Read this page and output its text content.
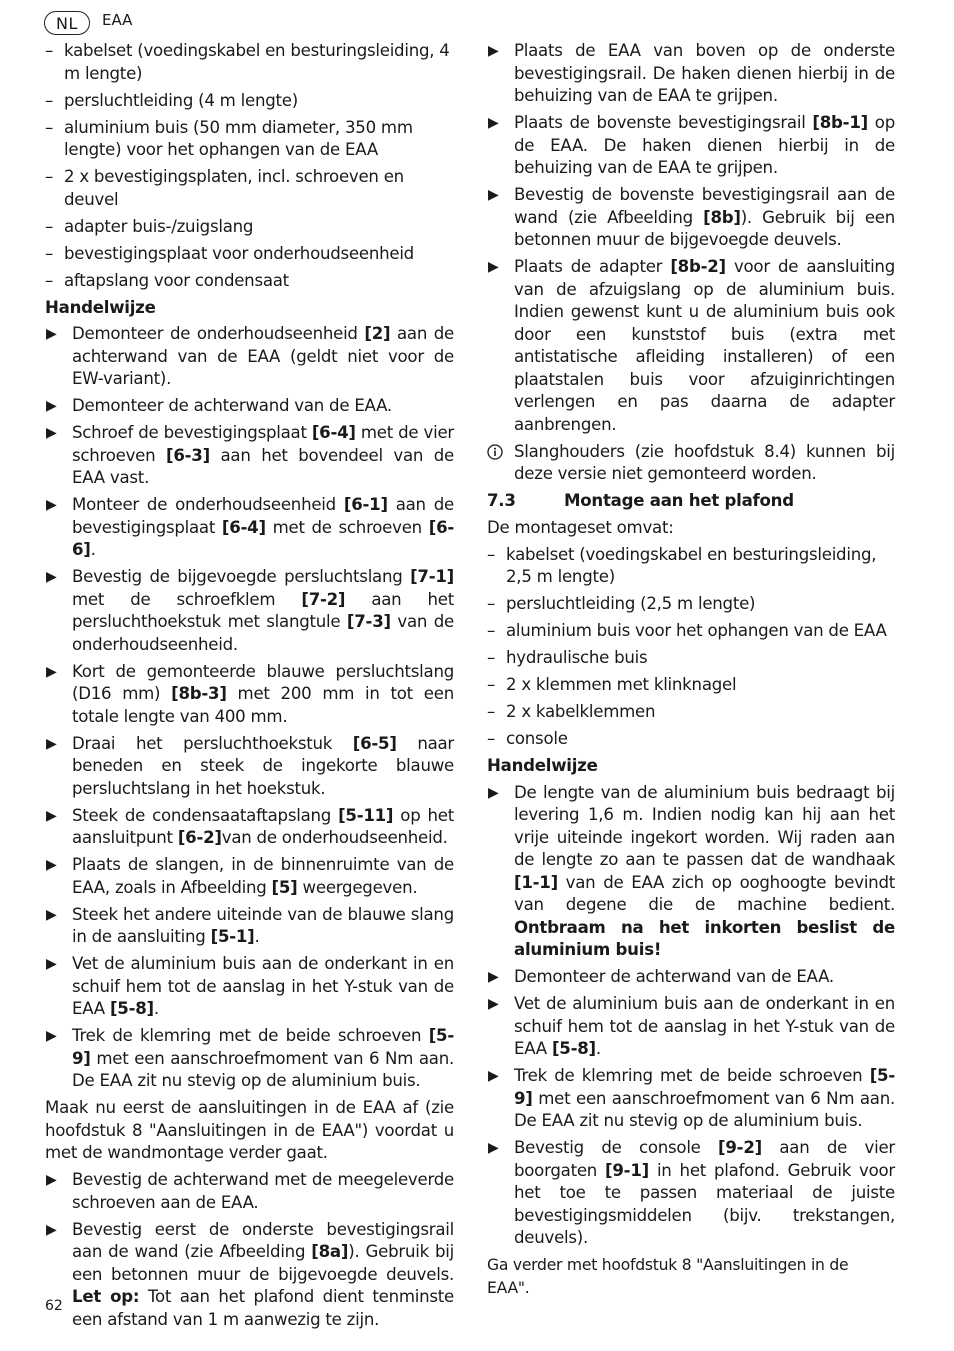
NL	EAA
– kabelset (voedingskabel en besturingsleiding, 4 m lengte)
– persluchtleiding (4 m lengte)
– aluminium buis (50 mm diameter, 350 mm lengte) voor het ophangen van de EAA
– 2 x bevestigingsplaten, incl. schroeven en deuvel
– adapter buis-/zuigslang
– bevestigingsplaat voor onderhoudseenheid
– aftapslang voor condensaat
Handelwijze
▶ Demonteer de onderhoudseenheid [2] aan de achterwand van de EAA (geldt niet voor de EW-variant).
▶ Demonteer de achterwand van de EAA.
▶ Schroef de bevestigingsplaat [6-4] met de vier schroeven [6-3] aan het bovendeel van de EAA vast.
▶ Monteer de onderhoudseenheid [6-1] aan de bevestigingsplaat [6-4] met de schroeven [6-6].
▶ Bevestig de bijgevoegde persluchtslang [7-1] met de schroefklem [7-2] aan het persluchthoekstuk met slangtule [7-3] van de onderhoudseenheid.
▶ Kort de gemonteerde blauwe persluchtslang (D16 mm) [8b-3] met 200 mm in tot een totale lengte van 400 mm.
▶ Draai het persluchthoekstuk [6-5] naar beneden en steek de ingekorte blauwe persluchtslang in het hoekstuk.
▶ Steek de condensaataftapslang [5-11] op het aansluitpunt [6-2]van de onderhoudseenheid.
▶ Plaats de slangen, in de binnenruimte van de EAA, zoals in Afbeelding [5] weergegeven.
▶ Steek het andere uiteinde van de blauwe slang in de aansluiting [5-1].
▶ Vet de aluminium buis aan de onderkant in en schuif hem tot de aanslag in het Y-stuk van de EAA [5-8].
▶ Trek de klemring met de beide schroeven [5-9] met een aanschroefmoment van 6 Nm aan. De EAA zit nu stevig op de aluminium buis.

Maak nu eerst de aansluitingen in de EAA af (zie hoofdstuk 8 "Aansluitingen in de EAA") voordat u met de wandmontage verder gaat.

▶ Bevestig de achterwand met de meegeleverde schroeven aan de EAA.
▶ Bevestig eerst de onderste bevestigingsrail aan de wand (zie Afbeelding [8a]). Gebruik bij een betonnen muur de bijgevoegde deuvels. Let op: Tot aan het plafond dient tenminste een afstand van 1 m aanwezig te zijn.
▶ Plaats de EAA van boven op de onderste bevestigingsrail. De haken dienen hierbij in de behuizing van de EAA te grijpen.
▶ Plaats de bovenste bevestigingsrail [8b-1] op de EAA. De haken dienen hierbij in de behuizing van de EAA te grijpen.
▶ Bevestig de bovenste bevestigingsrail aan de wand (zie Afbeelding [8b]). Gebruik bij een betonnen muur de bijgevoegde deuvels.
▶ Plaats de adapter [8b-2] voor de aansluiting van de afzuigslang op de aluminium buis. Indien gewenst kunt u de aluminium buis ook door een kunststof buis (extra met antistatische afleiding installeren) of een plaatstalen buis voor afzuiginrichtingen verlengen en pas daarna de adapter aanbrengen.
Slanghouders (zie hoofdstuk 8.4) kunnen bij deze versie niet gemonteerd worden.
7.3	Montage aan het plafond

De montageset omvat:

– kabelset (voedingskabel en besturingsleiding, 2,5 m lengte)
– persluchtleiding (2,5 m lengte)
– aluminium buis voor het ophangen van de EAA
– hydraulische buis
– 2 x klemmen met klinknagel
– 2 x kabelklemmen
– console
Handelwijze
▶ De lengte van de aluminium buis bedraagt bij levering 1,6 m. Indien nodig kan hij aan het vrije uiteinde ingekort worden. Wij raden aan de lengte zo aan te passen dat de wandhaak [1-1] van de EAA zich op ooghoogte bevindt van degene die de machine bedient. Ontbraam na het inkorten beslist de aluminium buis!
▶ Demonteer de achterwand van de EAA.
▶ Vet de aluminium buis aan de onderkant in en schuif hem tot de aanslag in het Y-stuk van de EAA [5-8].
▶ Trek de klemring met de beide schroeven [5-9] met een aanschroefmoment van 6 Nm aan. De EAA zit nu stevig op de aluminium buis.
▶ Bevestig de console [9-2] aan de vier boorgaten [9-1] in het plafond. Gebruik voor het toe te passen materiaal de juiste bevestigingsmiddelen (bijv. trekstangen, deuvels).

Ga verder met hoofdstuk 8 "Aansluitingen in de EAA".

62
